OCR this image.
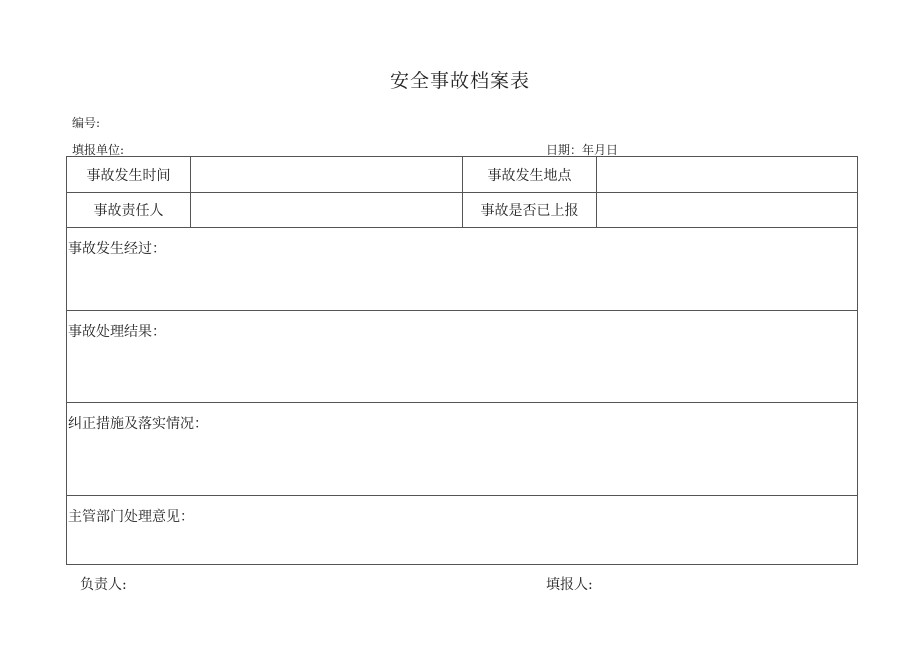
安全事故档案表
编号:
填报单位:	日期：年月日
事故发生时间	事故发生地点
事故责任人	事故是否已上报
事故发生经过：
事故处理结果：
纠正措施及落实情况：
主管部门处理意见：
负责人:	填报人:
